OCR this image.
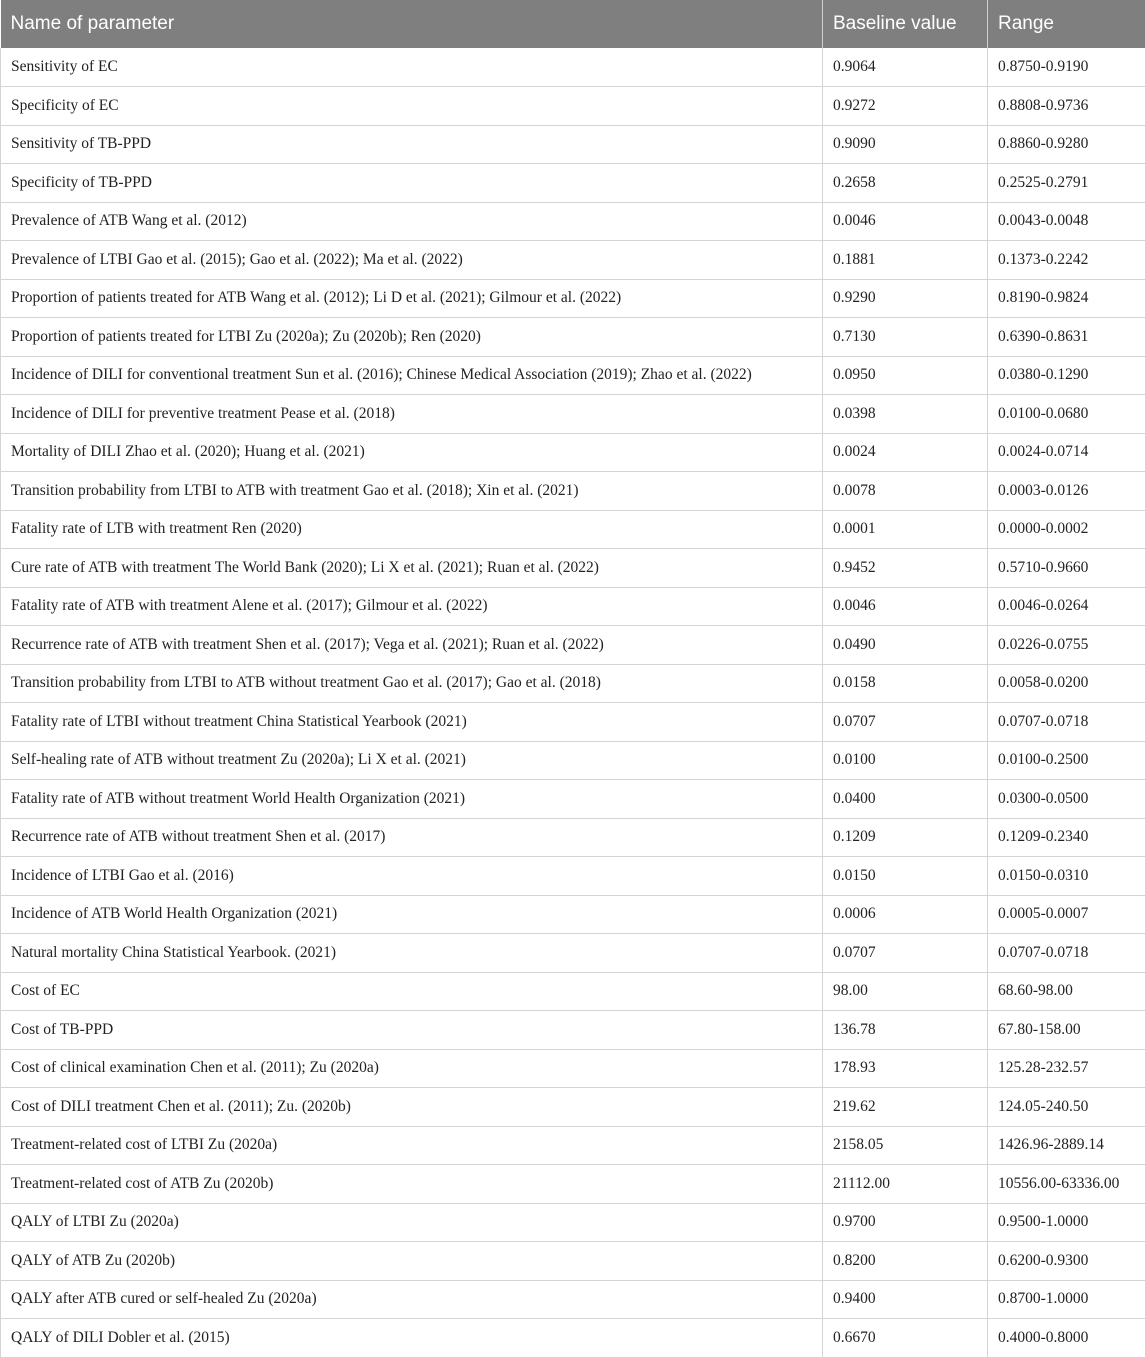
Name of parameter	Baseline value	Range
Sensitivity of EC	0.9064	0.8750-0.9190
Specificity of EC	0.9272	0.8808-0.9736
Sensitivity of TB-PPD	0.9090	0.8860-0.9280
Specificity of TB-PPD	0.2658	0.2525-0.2791
Prevalence of ATB Wang et al. (2012)	0.0046	0.0043-0.0048
Prevalence of LTBI Gao et al. (2015); Gao et al. (2022); Ma et al. (2022)	0.1881	0.1373-0.2242
Proportion of patients treated for ATB Wang et al. (2012); Li D et al. (2021); Gilmour et al. (2022)	0.9290	0.8190-0.9824
Proportion of patients treated for LTBI Zu (2020a); Zu (2020b); Ren (2020)	0.7130	0.6390-0.8631
Incidence of DILI for conventional treatment Sun et al. (2016); Chinese Medical Association (2019); Zhao et al. (2022)	0.0950	0.0380-0.1290
Incidence of DILI for preventive treatment Pease et al. (2018)	0.0398	0.0100-0.0680
Mortality of DILI Zhao et al. (2020); Huang et al. (2021)	0.0024	0.0024-0.0714
Transition probability from LTBI to ATB with treatment Gao et al. (2018); Xin et al. (2021)	0.0078	0.0003-0.0126
Fatality rate of LTB with treatment Ren (2020)	0.0001	0.0000-0.0002
Cure rate of ATB with treatment The World Bank (2020); Li X et al. (2021); Ruan et al. (2022)	0.9452	0.5710-0.9660
Fatality rate of ATB with treatment Alene et al. (2017); Gilmour et al. (2022)	0.0046	0.0046-0.0264
Recurrence rate of ATB with treatment Shen et al. (2017); Vega et al. (2021); Ruan et al. (2022)	0.0490	0.0226-0.0755
Transition probability from LTBI to ATB without treatment Gao et al. (2017); Gao et al. (2018)	0.0158	0.0058-0.0200
Fatality rate of LTBI without treatment China Statistical Yearbook (2021)	0.0707	0.0707-0.0718
Self-healing rate of ATB without treatment Zu (2020a); Li X et al. (2021)	0.0100	0.0100-0.2500
Fatality rate of ATB without treatment World Health Organization (2021)	0.0400	0.0300-0.0500
Recurrence rate of ATB without treatment Shen et al. (2017)	0.1209	0.1209-0.2340
Incidence of LTBI Gao et al. (2016)	0.0150	0.0150-0.0310
Incidence of ATB World Health Organization (2021)	0.0006	0.0005-0.0007
Natural mortality China Statistical Yearbook. (2021)	0.0707	0.0707-0.0718
Cost of EC	98.00	68.60-98.00
Cost of TB-PPD	136.78	67.80-158.00
Cost of clinical examination Chen et al. (2011); Zu (2020a)	178.93	125.28-232.57
Cost of DILI treatment Chen et al. (2011); Zu. (2020b)	219.62	124.05-240.50
Treatment-related cost of LTBI Zu (2020a)	2158.05	1426.96-2889.14
Treatment-related cost of ATB Zu (2020b)	21112.00	10556.00-63336.00
QALY of LTBI Zu (2020a)	0.9700	0.9500-1.0000
QALY of ATB Zu (2020b)	0.8200	0.6200-0.9300
QALY after ATB cured or self-healed Zu (2020a)	0.9400	0.8700-1.0000
QALY of DILI Dobler et al. (2015)	0.6670	0.4000-0.8000
